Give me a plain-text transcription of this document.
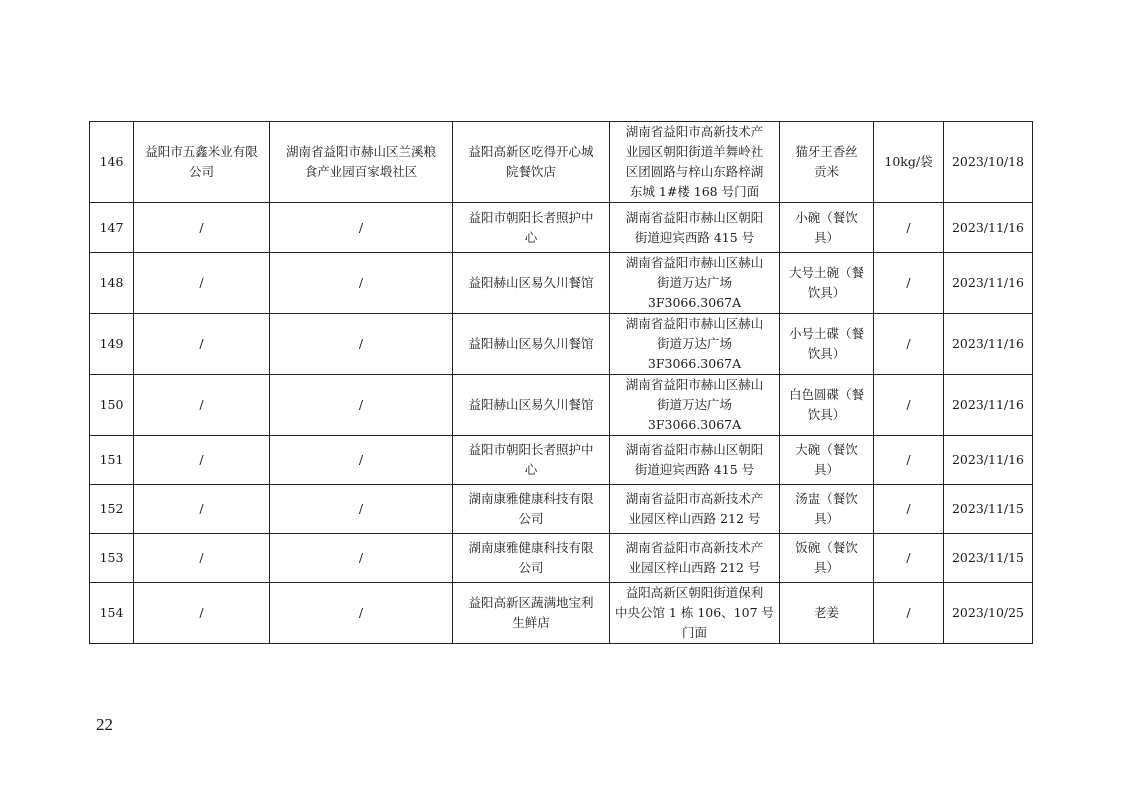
146	益阳市五鑫米业有限
公司	湖南省益阳市赫山区兰溪粮
食产业园百家塅社区	益阳高新区吃得开心城
院餐饮店	湖南省益阳市高新技术产
业园区朝阳街道羊舞岭社
区团圆路与梓山东路梓湖
东城 1#楼 168 号门面	猫牙王香丝
贡米	10kg/袋	2023/10/18
147	/	/	益阳市朝阳长者照护中
心	湖南省益阳市赫山区朝阳
街道迎宾西路 415 号	小碗（餐饮
具）	/	2023/11/16
148	/	/	益阳赫山区易久川餐馆	湖南省益阳市赫山区赫山
街道万达广场
3F3066.3067A	大号土碗（餐
饮具）	/	2023/11/16
149	/	/	益阳赫山区易久川餐馆	湖南省益阳市赫山区赫山
街道万达广场
3F3066.3067A	小号土碟（餐
饮具）	/	2023/11/16
150	/	/	益阳赫山区易久川餐馆	湖南省益阳市赫山区赫山
街道万达广场
3F3066.3067A	白色圆碟（餐
饮具）	/	2023/11/16
151	/	/	益阳市朝阳长者照护中
心	湖南省益阳市赫山区朝阳
街道迎宾西路 415 号	大碗（餐饮
具）	/	2023/11/16
152	/	/	湖南康雅健康科技有限
公司	湖南省益阳市高新技术产
业园区梓山西路 212 号	汤盅（餐饮
具）	/	2023/11/15
153	/	/	湖南康雅健康科技有限
公司	湖南省益阳市高新技术产
业园区梓山西路 212 号	饭碗（餐饮
具）	/	2023/11/15
154	/	/	益阳高新区蔬满地宝利
生鲜店	益阳高新区朝阳街道保利
中央公馆 1 栋 106、107 号
门面	老姜	/	2023/10/25
22
